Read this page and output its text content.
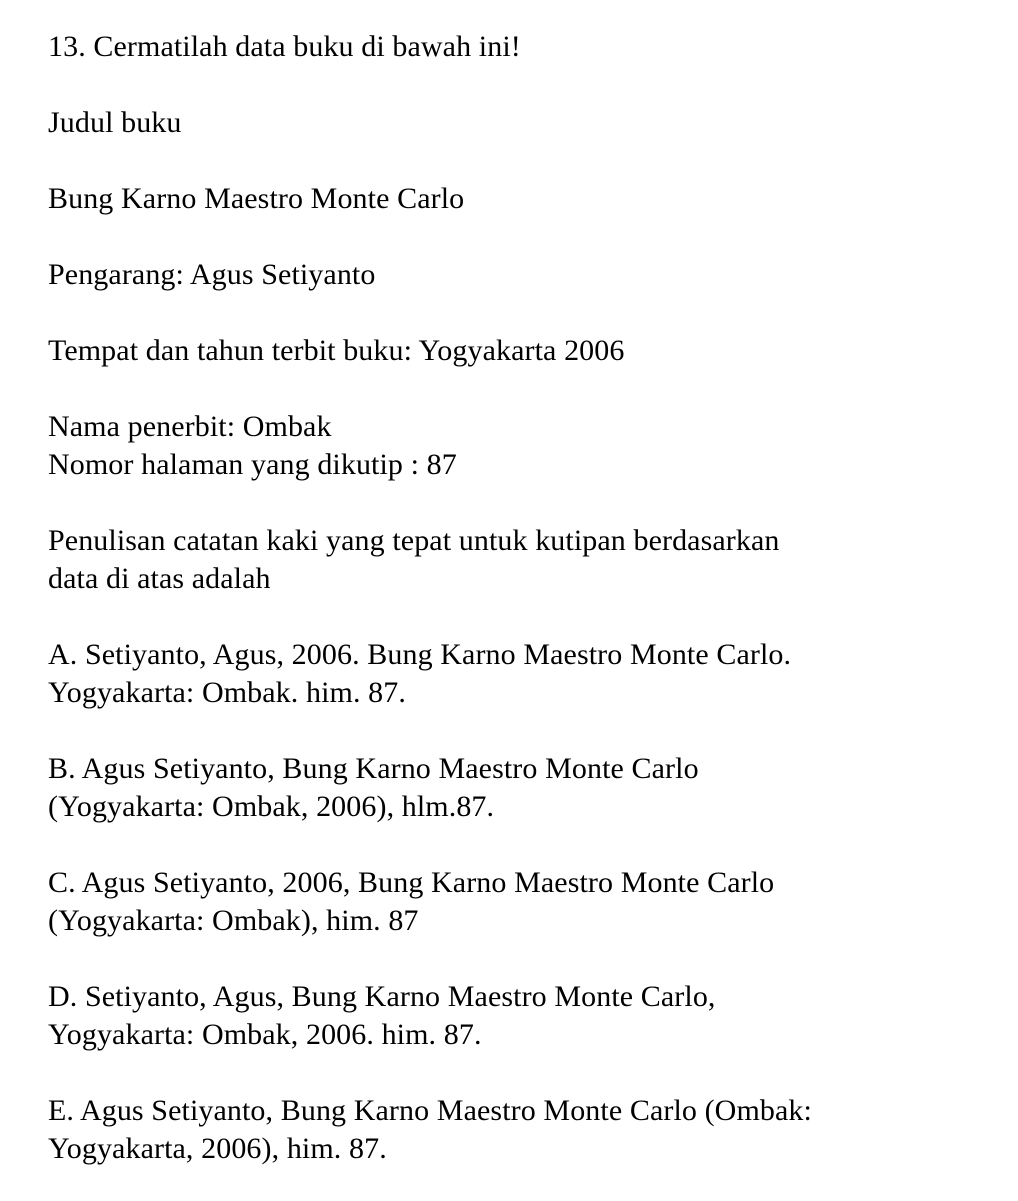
13. Cermatilah data buku di bawah ini!
Judul buku
Bung Karno Maestro Monte Carlo
Pengarang: Agus Setiyanto
Tempat dan tahun terbit buku: Yogyakarta 2006
Nama penerbit: Ombak
Nomor halaman yang dikutip : 87
Penulisan catatan kaki yang tepat untuk kutipan berdasarkan
data di atas adalah
A. Setiyanto, Agus, 2006. Bung Karno Maestro Monte Carlo.
Yogyakarta: Ombak. him. 87.
B. Agus Setiyanto, Bung Karno Maestro Monte Carlo
(Yogyakarta: Ombak, 2006), hlm.87.
C. Agus Setiyanto, 2006, Bung Karno Maestro Monte Carlo
(Yogyakarta: Ombak), him. 87
D. Setiyanto, Agus, Bung Karno Maestro Monte Carlo,
Yogyakarta: Ombak, 2006. him. 87.
E. Agus Setiyanto, Bung Karno Maestro Monte Carlo (Ombak:
Yogyakarta, 2006), him. 87.
